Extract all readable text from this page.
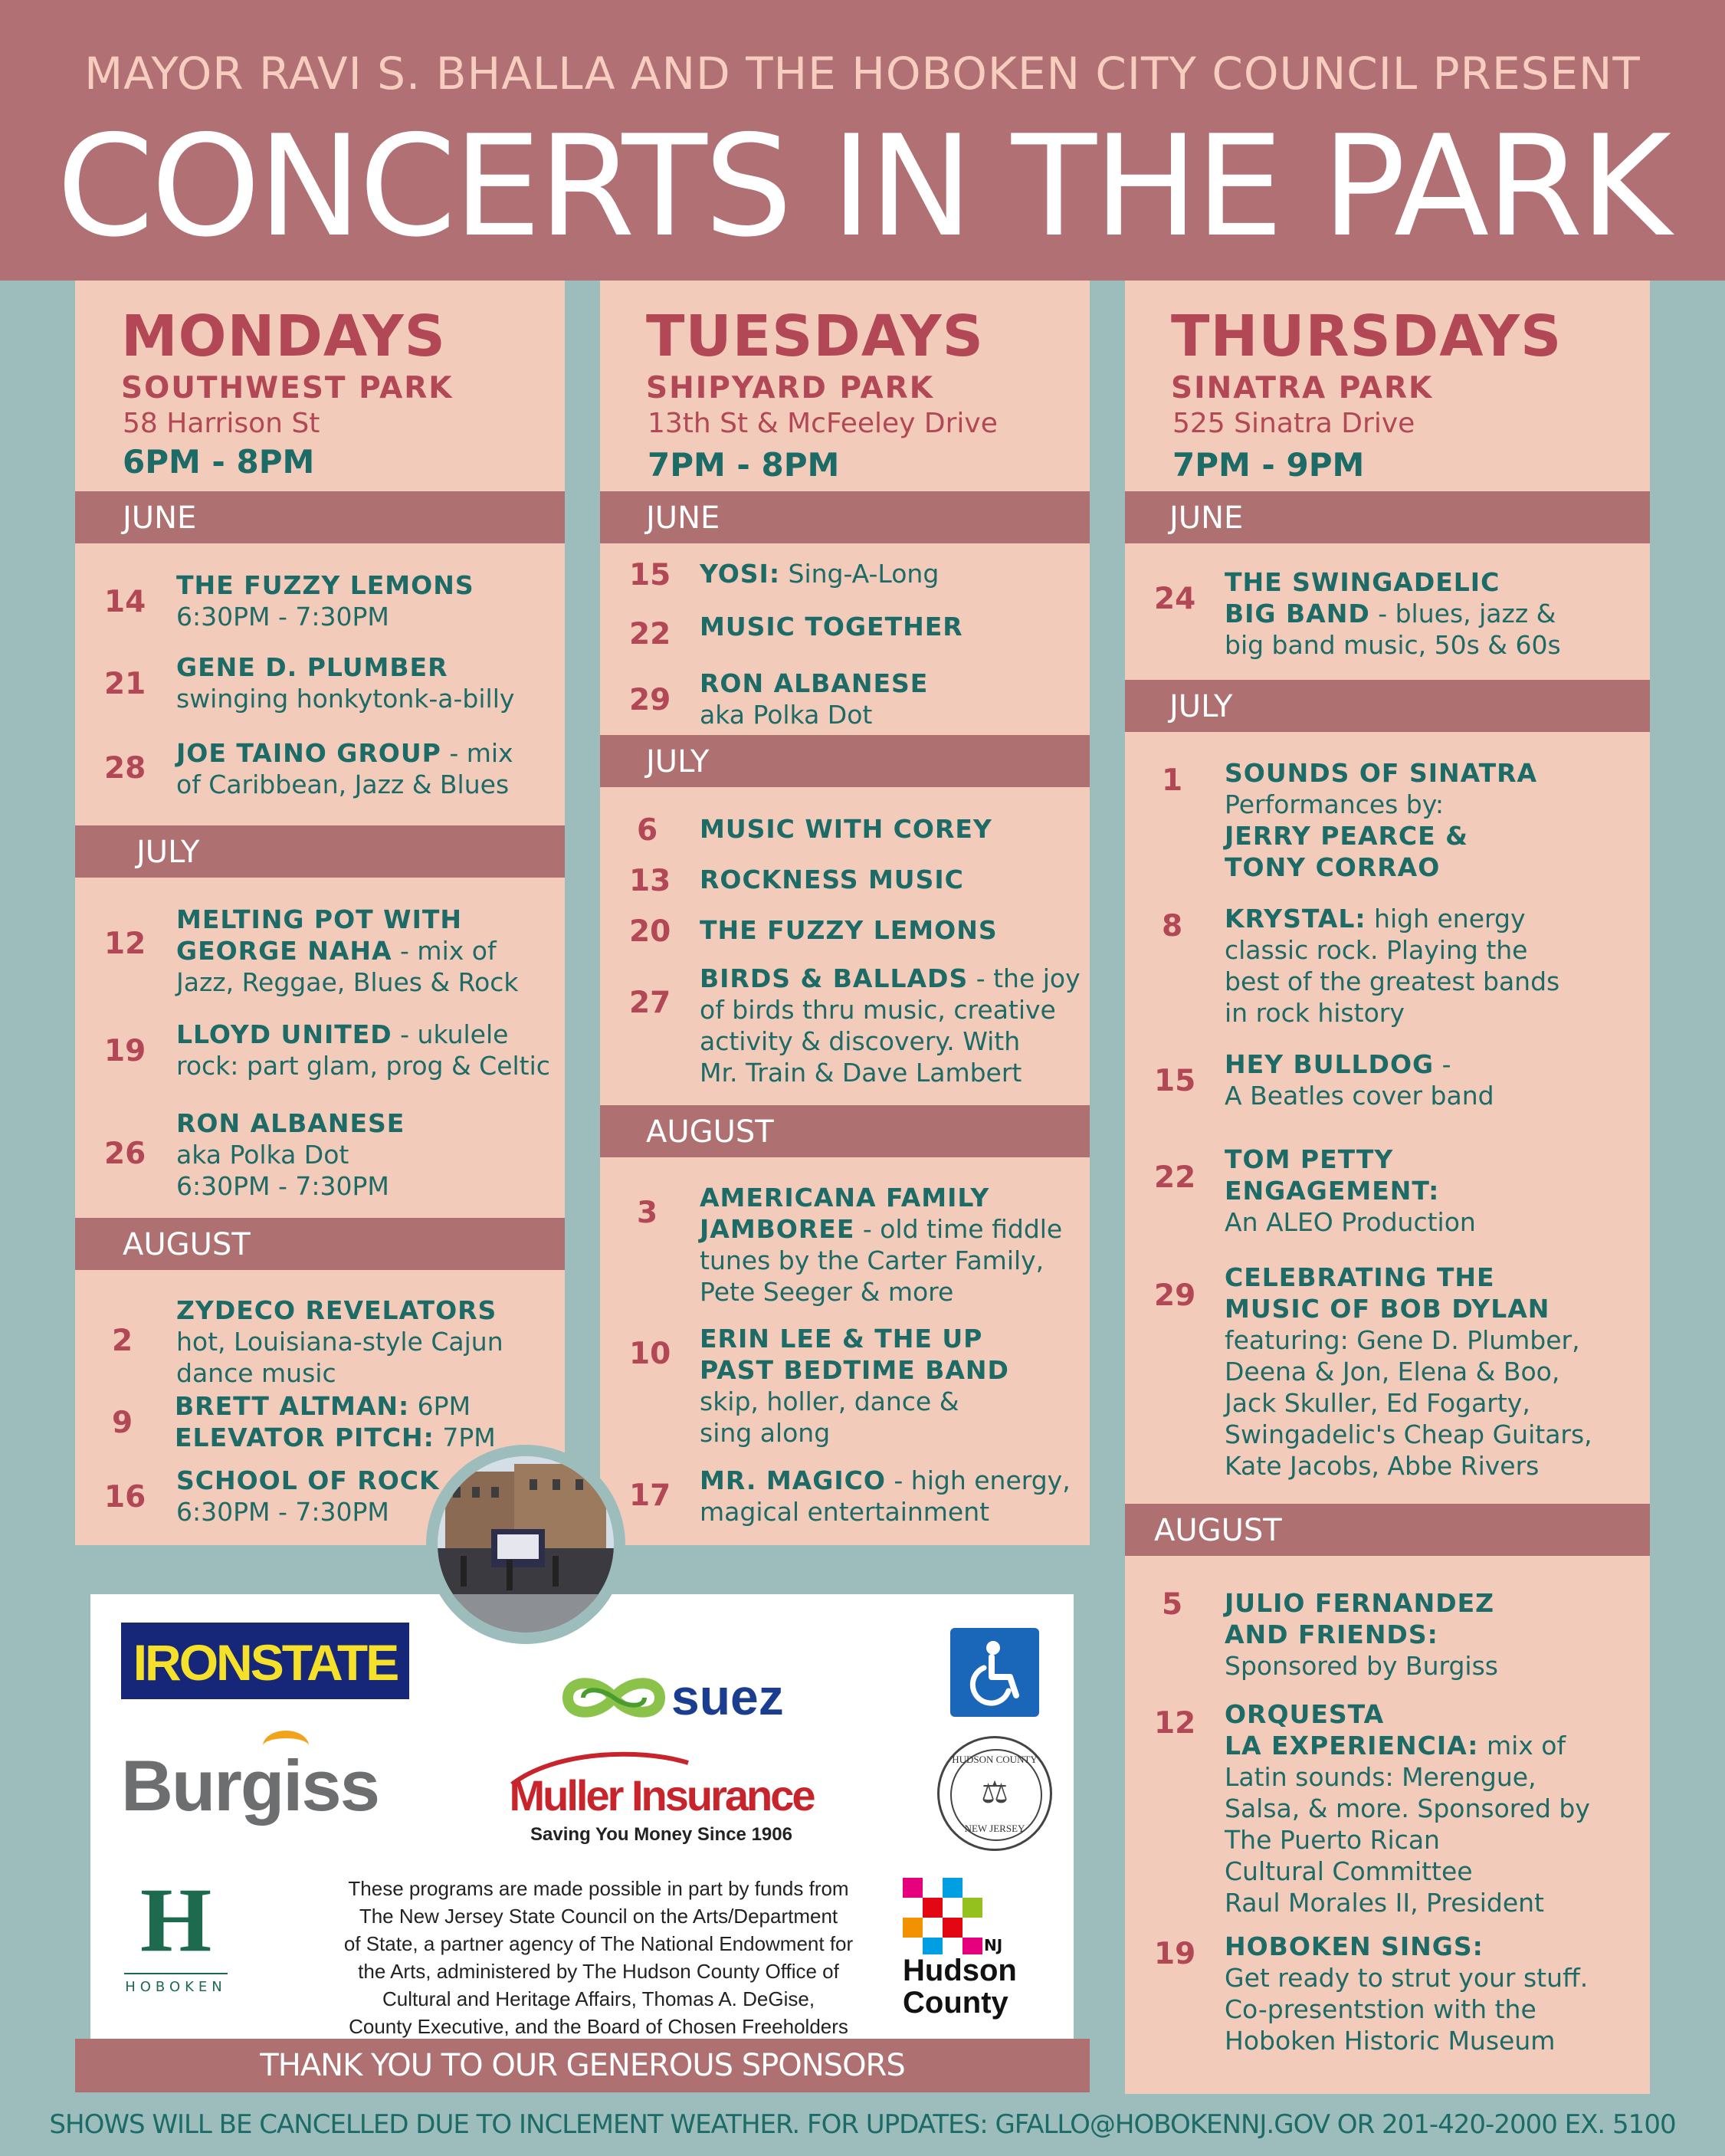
MAYOR RAVI S. BHALLA AND THE HOBOKEN CITY COUNCIL PRESENT
CONCERTS IN THE PARK
MONDAYS
SOUTHWEST PARK
58 Harrison St
6PM - 8PM
JUNE
14 THE FUZZY LEMONS
6:30PM - 7:30PM
21 GENE D. PLUMBER
swinging honkytonk-a-billy
28 JOE TAINO GROUP - mix
of Caribbean, Jazz & Blues
JULY
12
MELTING POT WITH
GEORGE NAHA - mix of
Jazz, Reggae, Blues & Rock
19 LLOYD UNITED - ukulele
rock: part glam, prog & Celtic
26
RON ALBANESE
aka Polka Dot
6:30PM - 7:30PM
AUGUST
2
ZYDECO REVELATORS
hot, Louisiana-style Cajun
dance music
9 BRETT ALTMAN: 6PM
ELEVATOR PITCH: 7PM
16 SCHOOL OF ROCK
6:30PM - 7:30PM
TUESDAYS
SHIPYARD PARK
13th St & McFeeley Drive
7PM - 8PM
JUNE
15 YOSI: Sing-A-Long
22 MUSIC TOGETHER
29 RON ALBANESE
aka Polka Dot
JULY
6 MUSIC WITH COREY
13 ROCKNESS MUSIC
20 THE FUZZY LEMONS
27
BIRDS & BALLADS - the joy
of birds thru music, creative
activity & discovery. With
Mr. Train & Dave Lambert
AUGUST
3 AMERICANA FAMILY
JAMBOREE - old time fiddle
tunes by the Carter Family,
Pete Seeger & more
10 ERIN LEE & THE UP
PAST BEDTIME BAND
skip, holler, dance &
sing along
17 MR. MAGICO - high energy,
magical entertainment
THURSDAYS
SINATRA PARK
525 Sinatra Drive
7PM - 9PM
JUNE
24 THE SWINGADELIC
BIG BAND - blues, jazz &
big band music, 50s & 60s
JULY
1 SOUNDS OF SINATRA
Performances by:
JERRY PEARCE &
TONY CORRAO
8 KRYSTAL: high energy
classic rock. Playing the
best of the greatest bands
in rock history
15 HEY BULLDOG -
A Beatles cover band
22
TOM PETTY
ENGAGEMENT:
An ALEO Production
29
CELEBRATING THE
MUSIC OF BOB DYLAN
featuring: Gene D. Plumber,
Deena & Jon, Elena & Boo,
Jack Skuller, Ed Fogarty,
Swingadelic's Cheap Guitars,
Kate Jacobs, Abbe Rivers
AUGUST
5 JULIO FERNANDEZ
AND FRIENDS:
Sponsored by Burgiss
12 ORQUESTA
LA EXPERIENCIA: mix of
Latin sounds: Merengue,
Salsa, & more. Sponsored by
The Puerto Rican
Cultural Committee
Raul Morales II, President
19 HOBOKEN SINGS:
Get ready to strut your stuff.
Co-presentstion with the
Hoboken Historic Museum
IRONSTATE
suez
Burgiss	Muller Insurance
Saving You Money Since 1906
HUDSON COUNTY
⚖
NEW JERSEY
H
HOBOKEN
These programs are made possible in part by funds from
The New Jersey State Council on the Arts/Department
of State, a partner agency of The National Endowment for
the Arts, administered by The Hudson County Office of
Cultural and Heritage Affairs, Thomas A. DeGise,
County Executive, and the Board of Chosen Freeholders
NJ
Hudson County
THANK YOU TO OUR GENEROUS SPONSORS
SHOWS WILL BE CANCELLED DUE TO INCLEMENT WEATHER. FOR UPDATES: GFALLO@HOBOKENNJ.GOV OR 201-420-2000 EX. 5100
